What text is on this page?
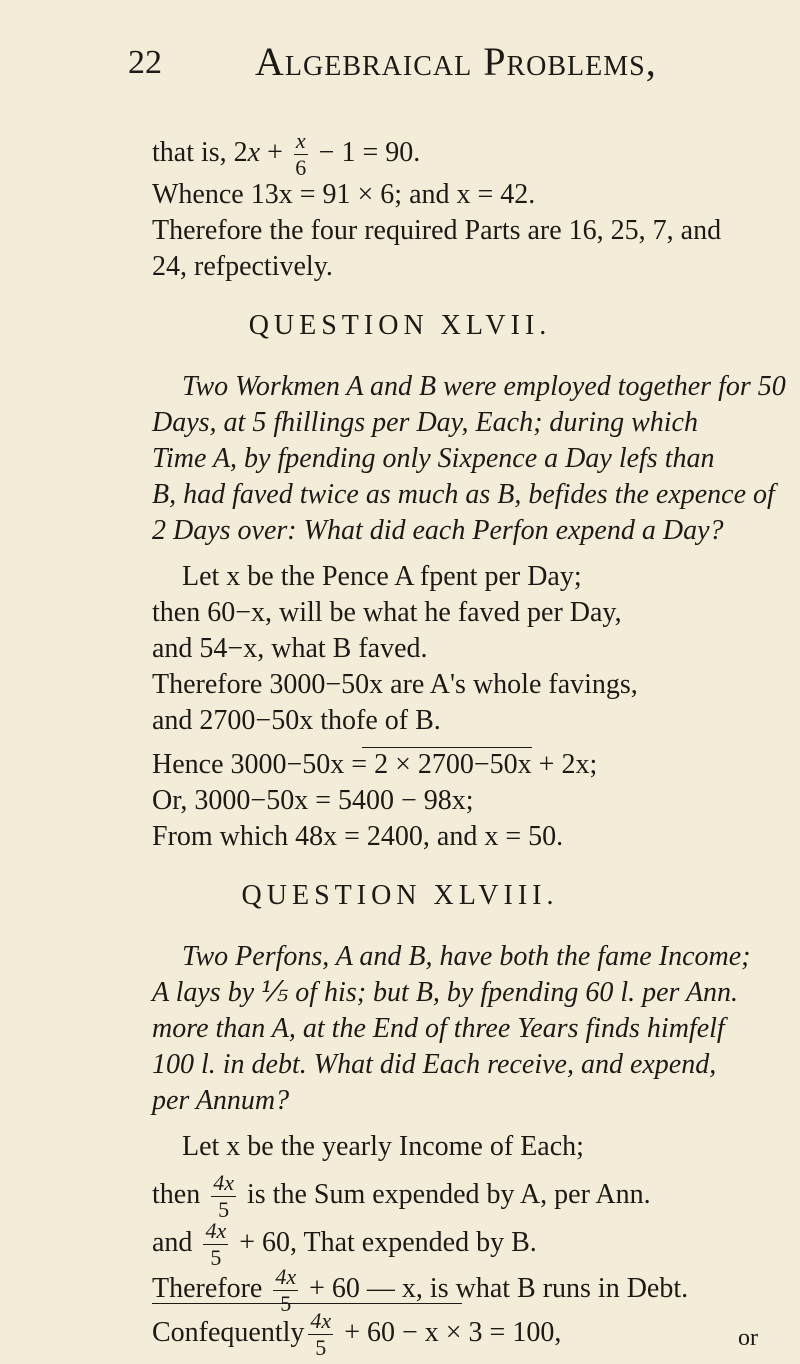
22 Algebraical Problems,
that is, $2x + \frac{x}{6} - 1 = 90$.
Whence 13x = 91 × 6; and x = 42.
Therefore the four required Parts are 16, 25, 7, and
24, refpectively.
QUESTION XLVII.
Two Workmen A and B were employed together for 50
Days, at 5 fhillings per Day, Each; during which
Time A, by fpending only Sixpence a Day lefs than
B, had faved twice as much as B, befides the expence of
2 Days over: What did each Perfon expend a Day?
Let x be the Pence A fpent per Day;
then 60−x, will be what he faved per Day,
and 54−x, what B faved.
Therefore 3000−50x are A's whole favings,
and 2700−50x thofe of B.
Hence 3000−50x = 2 × 2700−50x + 2x;
Or, 3000−50x = 5400 − 98x;
From which 48x = 2400, and x = 50.
QUESTION XLVIII.
Two Perfons, A and B, have both the fame Income;
A lays by ⅕ of his; but B, by fpending 60 l. per Ann.
more than A, at the End of three Years finds himfelf
100 l. in debt. What did Each receive, and expend,
per Annum?
Let x be the yearly Income of Each;
then $\frac{4x}{5}$ is the Sum expended by A, per Ann.
and $\frac{4x}{5} + 60$, That expended by B.
Therefore $\frac{4x}{5} + 60$ — x, is what B runs in Debt.
Confequently $\frac{4x}{5} + 60 - x \times 3 = 100$,	or
